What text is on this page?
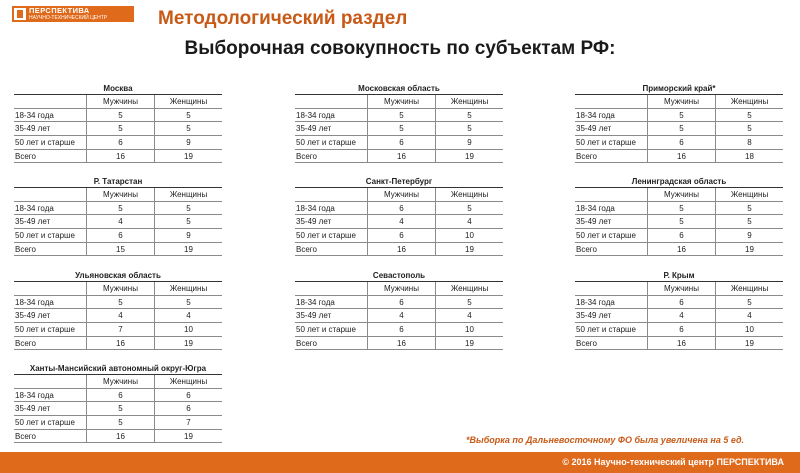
ПЕРСПЕКТИВА
НАУЧНО-ТЕХНИЧЕСКИЙ ЦЕНТР	Методологический раздел
Выборочная совокупность по субъектам РФ:
Москва
Мужчины	Женщины
18-34 года	5	5
35-49 лет	5	5
50 лет и старше	6	9
Всего	16	19
Московская область
Мужчины	Женщины
18-34 года	5	5
35-49 лет	5	5
50 лет и старше	6	9
Всего	16	19
Приморский край*
Мужчины	Женщины
18-34 года	5	5
35-49 лет	5	5
50 лет и старше	6	8
Всего	16	18
Р. Татарстан
Мужчины	Женщины
18-34 года	5	5
35-49 лет	4	5
50 лет и старше	6	9
Всего	15	19
Санкт-Петербург
Мужчины	Женщины
18-34 года	6	5
35-49 лет	4	4
50 лет и старше	6	10
Всего	16	19
Ленинградская область
Мужчины	Женщины
18-34 года	5	5
35-49 лет	5	5
50 лет и старше	6	9
Всего	16	19
Ульяновская область
Мужчины	Женщины
18-34 года	5	5
35-49 лет	4	4
50 лет и старше	7	10
Всего	16	19
Севастополь
Мужчины	Женщины
18-34 года	6	5
35-49 лет	4	4
50 лет и старше	6	10
Всего	16	19
Р. Крым
Мужчины	Женщины
18-34 года	6	5
35-49 лет	4	4
50 лет и старше	6	10
Всего	16	19
Ханты-Мансийский автономный округ-Югра
Мужчины	Женщины
18-34 года	6	6
35-49 лет	5	6
50 лет и старше	5	7
Всего	16	19	*Выборка по Дальневосточному ФО была увеличена на 5 ед.
© 2016 Научно-технический центр ПЕРСПЕКТИВА
